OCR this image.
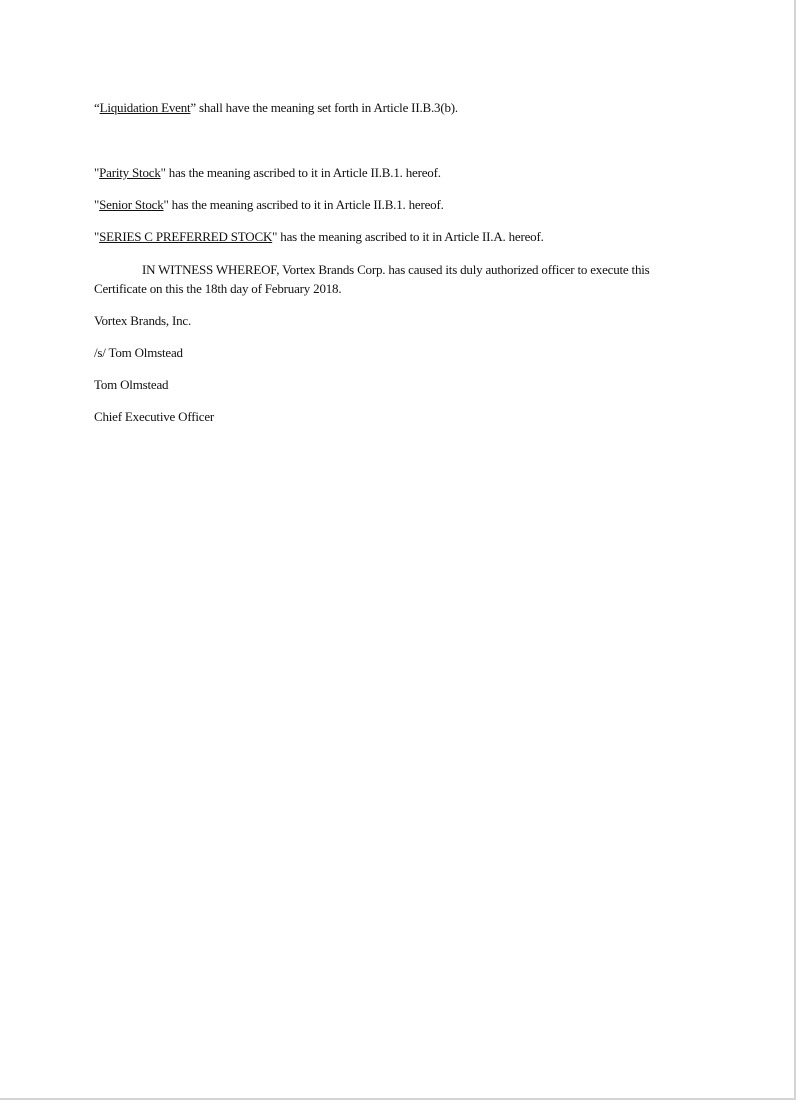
“Liquidation Event” shall have the meaning set forth in Article II.B.3(b).
"Parity Stock" has the meaning ascribed to it in Article II.B.1. hereof.
"Senior Stock" has the meaning ascribed to it in Article II.B.1. hereof.
"SERIES C PREFERRED STOCK" has the meaning ascribed to it in Article II.A. hereof.
IN WITNESS WHEREOF, Vortex Brands Corp. has caused its duly authorized officer to execute this
Certificate on this the 18th day of February 2018.
Vortex Brands, Inc.
/s/ Tom Olmstead
Tom Olmstead
Chief Executive Officer
